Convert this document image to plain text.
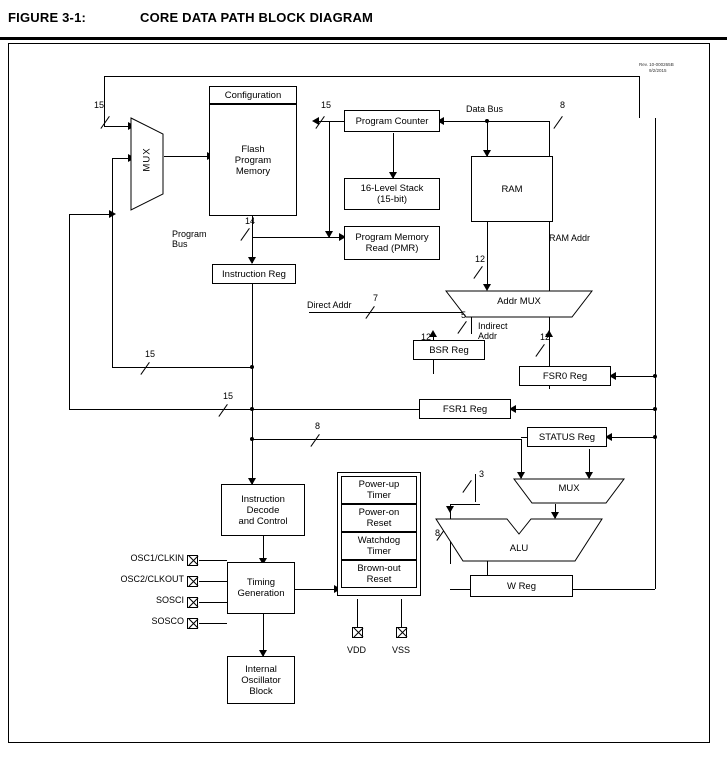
FIGURE 3-1:	CORE DATA PATH BLOCK DIAGRAM
Rev. 10-000265B
9/2/2015
Configuration
Flash
Program
Memory
Program Counter
16-Level Stack
(15-bit)
RAM
Program Memory
Read (PMR)
Instruction Reg
BSR Reg
FSR0 Reg
FSR1 Reg
STATUS Reg
Instruction
Decode
and Control
W Reg
Timing
Generation
Internal
Oscillator
Block
Power-up
Timer
Power-on
Reset
Watchdog
Timer
Brown-out
Reset
MUX
Addr MUX
MUX
ALU
OSC1/CLKIN
OSC2/CLKOUT
SOSCI
SOSCO
VDD	VSS
Data Bus
Program
Bus
Direct Addr
Indirect
Addr
RAM Addr
15	15	8
14
12
7
5
12	12
15
15
8
3
8
